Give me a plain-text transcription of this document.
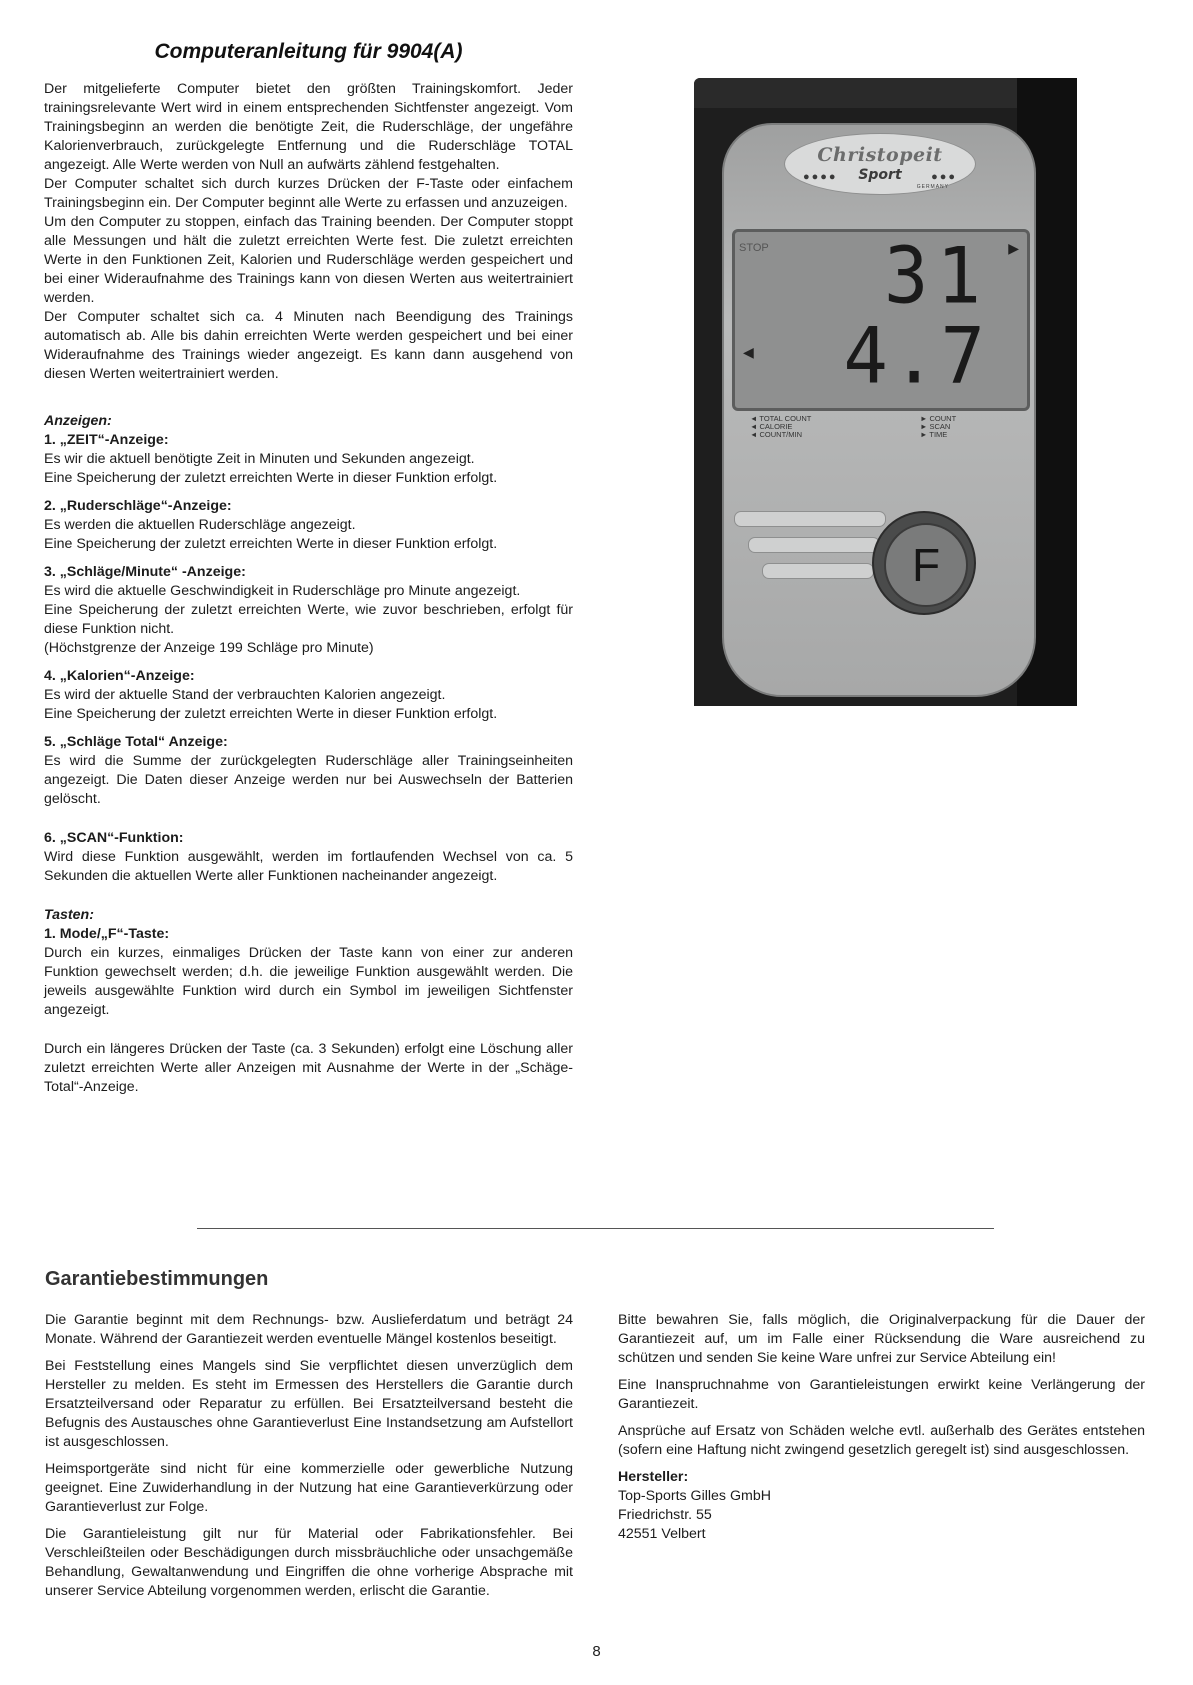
Computeranleitung für 9904(A)

Der mitgelieferte Computer bietet den größten Trainingskomfort. Jeder trainingsrelevante Wert wird in einem entsprechenden Sichtfenster angezeigt. Vom Trainingsbeginn an werden die benötigte Zeit, die Ruderschläge, der ungefähre Kalorienverbrauch, zurückgelegte Entfernung und die Ruderschläge TOTAL angezeigt. Alle Werte werden von Null an aufwärts zählend festgehalten.

Der Computer schaltet sich durch kurzes Drücken der F-Taste oder einfachem Trainingsbeginn ein. Der Computer beginnt alle Werte zu erfassen und anzuzeigen.

Um den Computer zu stoppen, einfach das Training beenden. Der Computer stoppt alle Messungen und hält die zuletzt erreichten Werte fest. Die zuletzt erreichten Werte in den Funktionen Zeit, Kalorien und Ruderschläge werden gespeichert und bei einer Wideraufnahme des Trainings kann von diesen Werten aus weitertrainiert werden.

Der Computer schaltet sich ca. 4 Minuten nach Beendigung des Trainings automatisch ab. Alle bis dahin erreichten Werte werden gespeichert und bei einer Wideraufnahme des Trainings wieder angezeigt. Es kann dann ausgehend von diesen Werten weitertrainiert werden.

Anzeigen:

1. „ZEIT“-Anzeige:

Es wir die aktuell benötigte Zeit in Minuten und Sekunden angezeigt.

Eine Speicherung der zuletzt erreichten Werte in dieser Funktion erfolgt.

2. „Ruderschläge“-Anzeige:

Es werden die aktuellen Ruderschläge angezeigt.

Eine Speicherung der zuletzt erreichten Werte in dieser Funktion erfolgt.

3. „Schläge/Minute“ -Anzeige:

Es wird die aktuelle Geschwindigkeit in Ruderschläge pro Minute angezeigt.

Eine Speicherung der zuletzt erreichten Werte, wie zuvor beschrieben, erfolgt für diese Funktion nicht.

(Höchstgrenze der Anzeige 199 Schläge pro Minute)

4. „Kalorien“-Anzeige:

Es wird der aktuelle Stand der verbrauchten Kalorien angezeigt.

Eine Speicherung der zuletzt erreichten Werte in dieser Funktion erfolgt.

5. „Schläge Total“ Anzeige:

Es wird die Summe der zurückgelegten Ruderschläge aller Trainingseinheiten angezeigt. Die Daten dieser Anzeige werden nur bei Auswechseln der Batterien gelöscht.

6. „SCAN“-Funktion:

Wird diese Funktion ausgewählt, werden im fortlaufenden Wechsel von ca. 5 Sekunden die aktuellen Werte aller Funktionen nacheinander angezeigt.

Tasten:

1. Mode/„F“-Taste:

Durch ein kurzes, einmaliges Drücken der Taste kann von einer zur anderen Funktion gewechselt werden; d.h. die jeweilige Funktion ausgewählt werden. Die jeweils ausgewählte Funktion wird durch ein Symbol im jeweiligen Sichtfenster angezeigt.

Durch ein längeres Drücken der Taste (ca. 3 Sekunden) erfolgt eine Löschung aller zuletzt erreichten Werte aller Anzeigen mit Ausnahme der Werte in der „Schäge-Total“-Anzeige.

Christopeit
●●●●	Sport	●●●
GERMANY
STOP 31
4.7
▶
◀
◄ TOTAL COUNT
◄ CALORIE
◄ COUNT/MIN
► COUNT
► SCAN
► TIME
F
Garantiebestimmungen

Die Garantie beginnt mit dem Rechnungs- bzw. Auslieferdatum und beträgt 24 Monate. Während der Garantiezeit werden eventuelle Mängel kostenlos beseitigt.

Bei Feststellung eines Mangels sind Sie verpflichtet diesen unverzüglich dem Hersteller zu melden. Es steht im Ermessen des Herstellers die Garantie durch Ersatzteilversand oder Reparatur zu erfüllen. Bei Ersatzteilversand besteht die Befugnis des Austausches ohne Garantieverlust Eine Instandsetzung am Aufstellort ist ausgeschlossen.

Heimsportgeräte sind nicht für eine kommerzielle oder gewerbliche Nutzung geeignet. Eine Zuwiderhandlung in der Nutzung hat eine Garantieverkürzung oder Garantieverlust zur Folge.

Die Garantieleistung gilt nur für Material oder Fabrikationsfehler. Bei Verschleißteilen oder Beschädigungen durch missbräuchliche oder unsachgemäße Behandlung, Gewaltanwendung und Eingriffen die ohne vorherige Absprache mit unserer Service Abteilung vorgenommen werden, erlischt die Garantie.

Bitte bewahren Sie, falls möglich, die Originalverpackung für die Dauer der Garantiezeit auf, um im Falle einer Rücksendung die Ware ausreichend zu schützen und senden Sie keine Ware unfrei zur Service Abteilung ein!

Eine Inanspruchnahme von Garantieleistungen erwirkt keine Verlängerung der Garantiezeit.

Ansprüche auf Ersatz von Schäden welche evtl. außerhalb des Gerätes entstehen (sofern eine Haftung nicht zwingend gesetzlich geregelt ist) sind ausgeschlossen.

Hersteller:

Top-Sports Gilles GmbH

Friedrichstr. 55

42551 Velbert

8
